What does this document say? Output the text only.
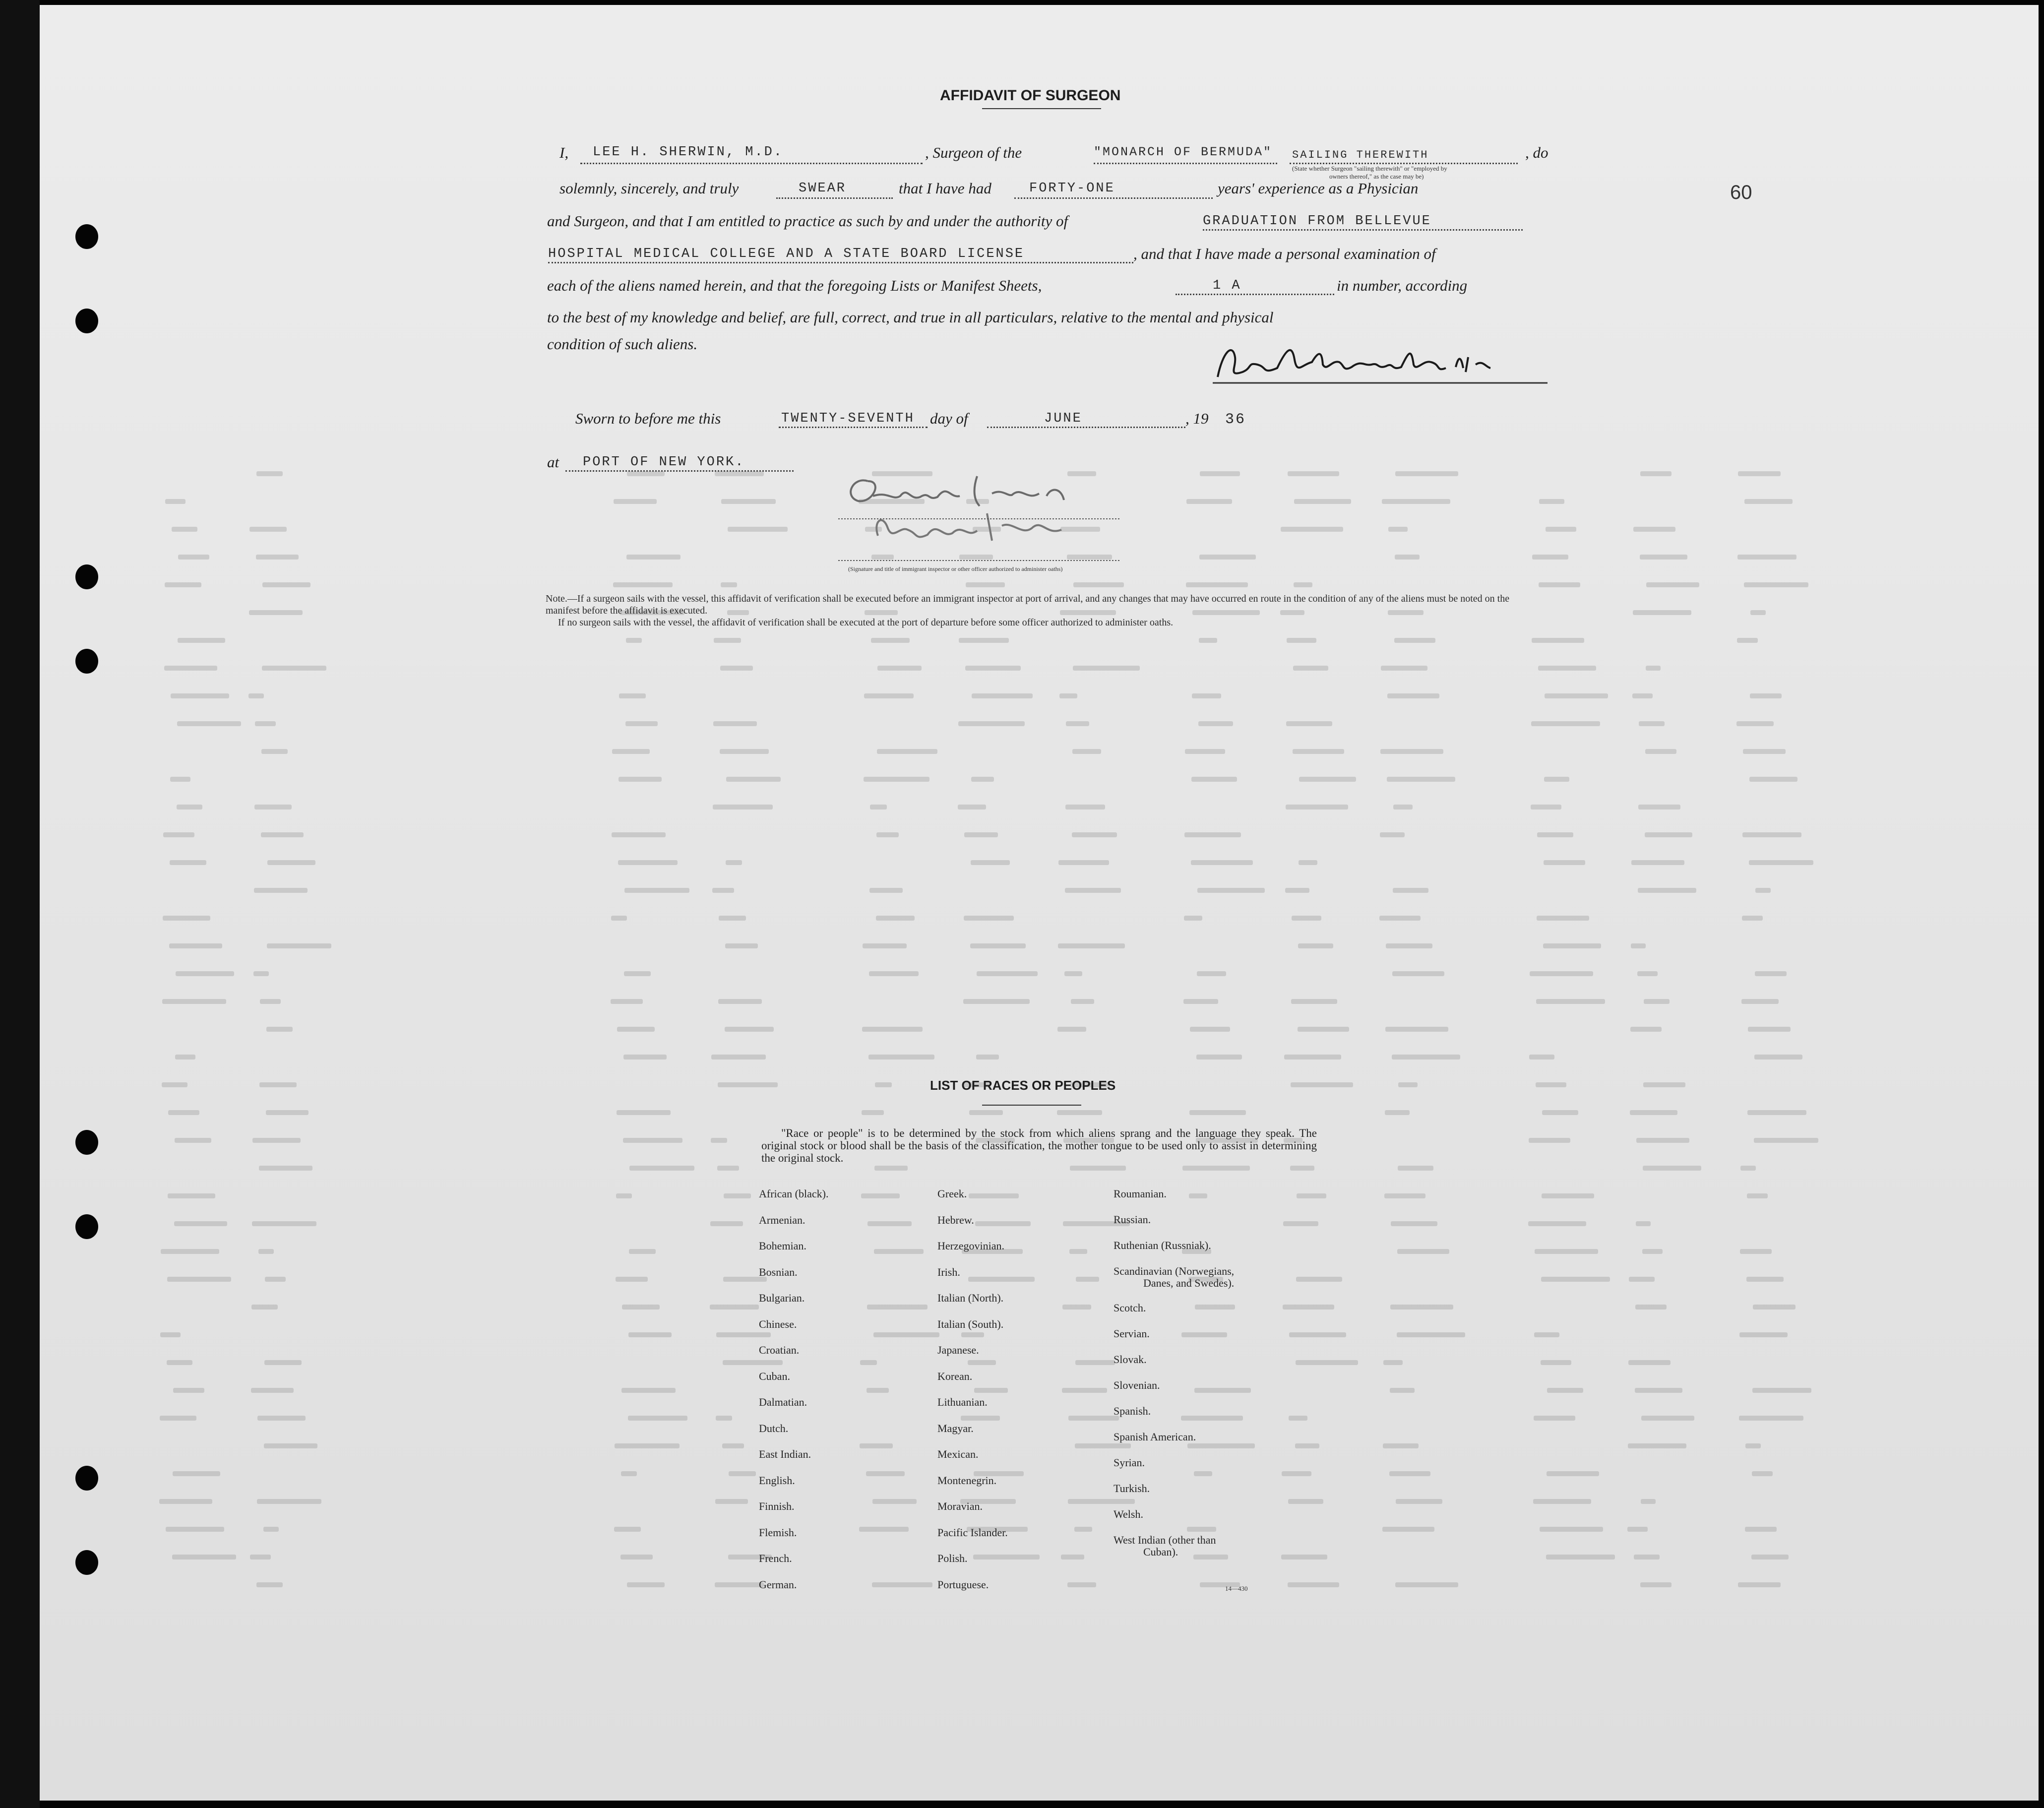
AFFIDAVIT OF SURGEON
I, LEE H. SHERWIN, M.D.	, Surgeon of the	"MONARCH OF BERMUDA" SAILING THEREWITH	, do
(State whether Surgeon "sailing therewith" or "employed by
owners thereof," as the case may be)
solemnly, sincerely, and truly	SWEAR	that I have had	FORTY-ONE	years' experience as a Physician	60
and Surgeon, and that I am entitled to practice as such by and under the authority of	GRADUATION FROM BELLEVUE
HOSPITAL MEDICAL COLLEGE AND A STATE BOARD LICENSE	, and that I have made a personal examination of
each of the aliens named herein, and that the foregoing Lists or Manifest Sheets,	1 A	in number, according
to the best of my knowledge and belief, are full, correct, and true in all particulars, relative to the mental and physical
condition of such aliens.
Sworn to before me this	TWENTY-SEVENTH day of	JUNE	, 19 36
at PORT OF NEW YORK.
(Signature and title of immigrant inspector or other officer authorized to administer oaths)
Note.—If a surgeon sails with the vessel, this affidavit of verification shall be executed before an immigrant inspector at port of arrival, and any changes that may have occurred en route in the condition of any of the aliens must be noted on the manifest before the affidavit is executed.
If no surgeon sails with the vessel, the affidavit of verification shall be executed at the port of departure before some officer authorized to administer oaths.
LIST OF RACES OR PEOPLES
"Race or people" is to be determined by the stock from which aliens sprang and the language they speak. The original stock or blood shall be the basis of the classification, the mother tongue to be used only to assist in determining the original stock.
African (black).
Armenian.
Bohemian.
Bosnian.
Bulgarian.
Chinese.
Croatian.
Cuban.
Dalmatian.
Dutch.
East Indian.
English.
Finnish.
Flemish.
French.
German.
Greek.
Hebrew.
Herzegovinian.
Irish.
Italian (North).
Italian (South).
Japanese.
Korean.
Lithuanian.
Magyar.
Mexican.
Montenegrin.
Moravian.
Pacific Islander.
Polish.
Portuguese.
Roumanian.
Russian.
Ruthenian (Russniak).
Scandinavian (Norwegians,
Danes, and Swedes).
Scotch.
Servian.
Slovak.
Slovenian.
Spanish.
Spanish American.
Syrian.
Turkish.
Welsh.
West Indian (other than
Cuban).
14—430
